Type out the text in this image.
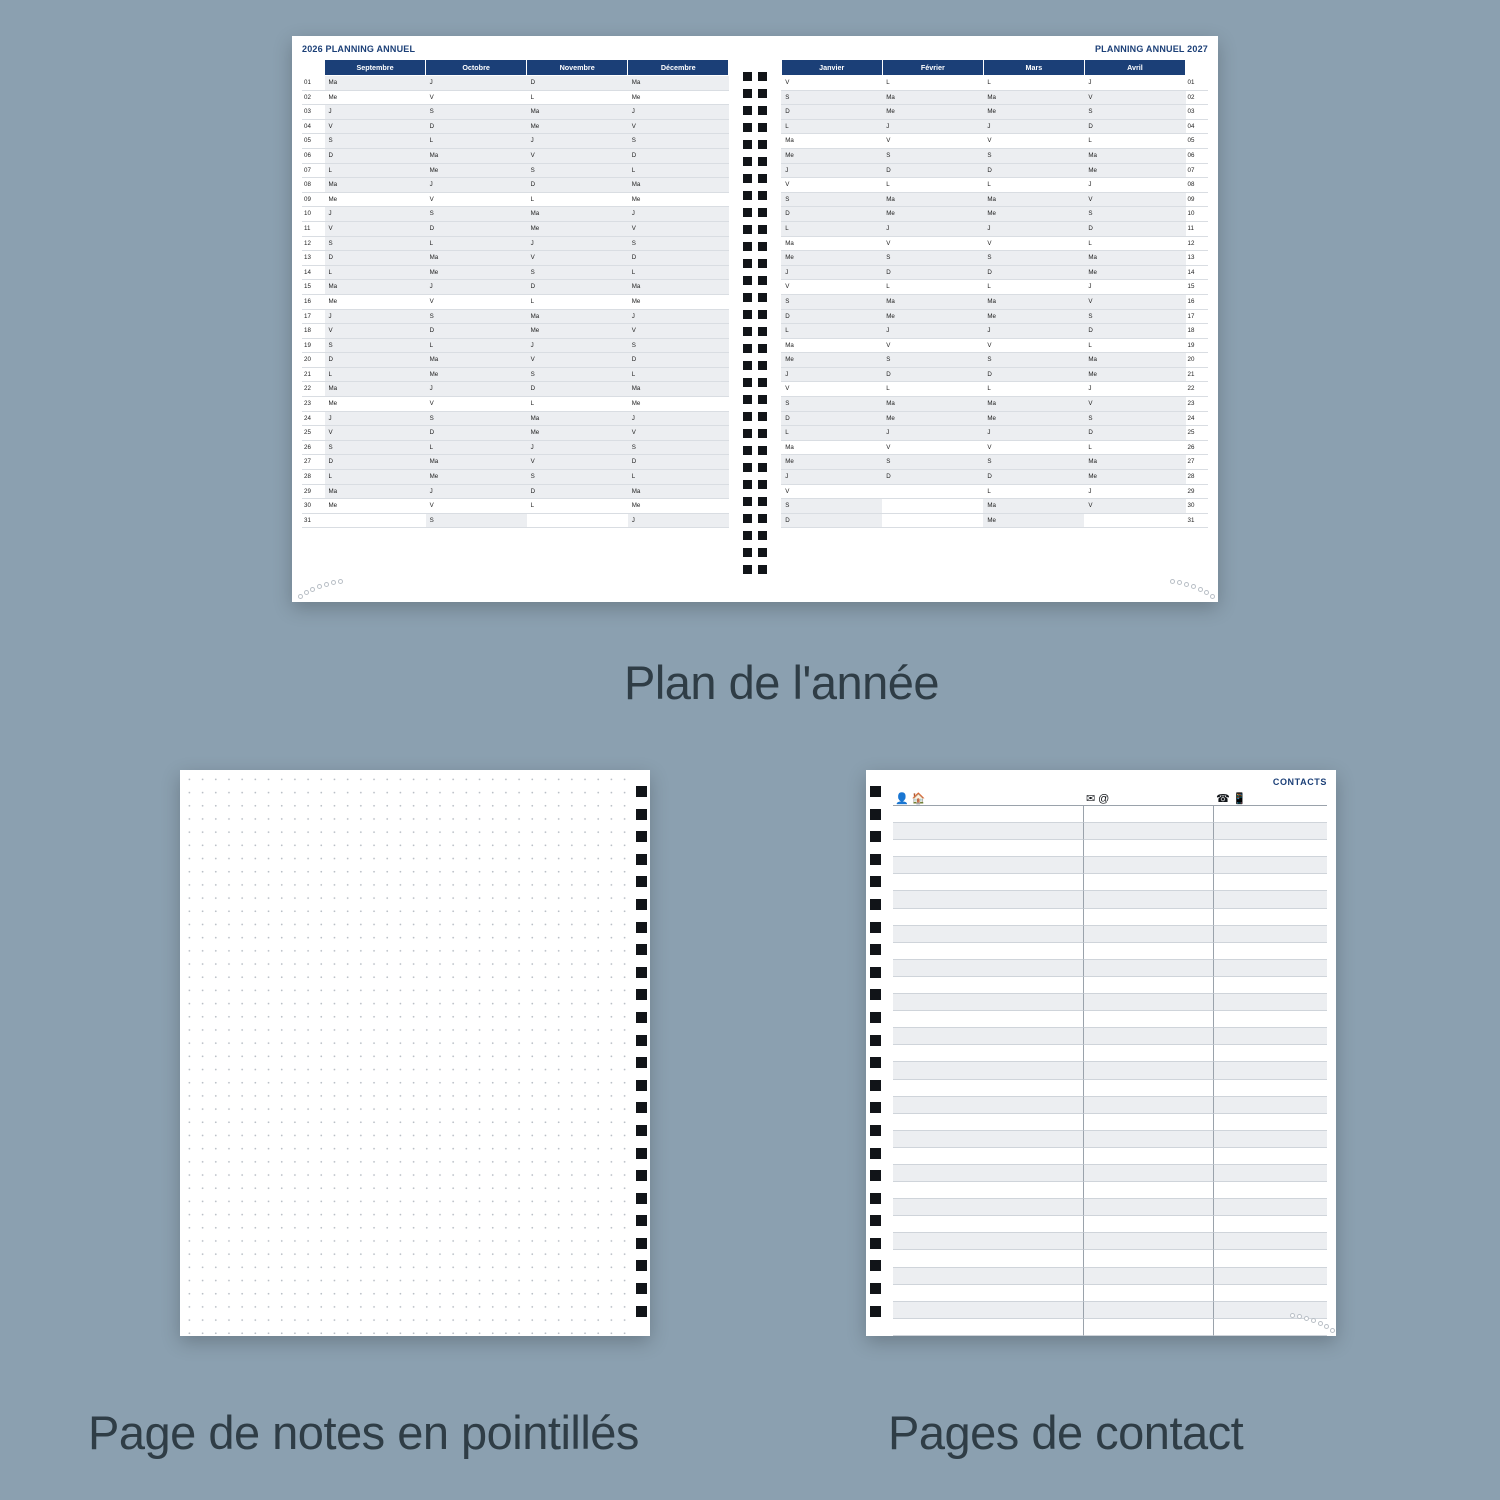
2026 PLANNING ANNUEL
	Septembre	Octobre	Novembre	Décembre
01	Ma	J	D	Ma
02	Me	V	L	Me
03	J	S	Ma	J
04	V	D	Me	V
05	S	L	J	S
06	D	Ma	V	D
07	L	Me	S	L
08	Ma	J	D	Ma
09	Me	V	L	Me
10	J	S	Ma	J
11	V	D	Me	V
12	S	L	J	S
13	D	Ma	V	D
14	L	Me	S	L
15	Ma	J	D	Ma
16	Me	V	L	Me
17	J	S	Ma	J
18	V	D	Me	V
19	S	L	J	S
20	D	Ma	V	D
21	L	Me	S	L
22	Ma	J	D	Ma
23	Me	V	L	Me
24	J	S	Ma	J
25	V	D	Me	V
26	S	L	J	S
27	D	Ma	V	D
28	L	Me	S	L
29	Ma	J	D	Ma
30	Me	V	L	Me
31		S		J
PLANNING ANNUEL 2027
Janvier	Février	Mars	Avril	
V	L	L	J	01
S	Ma	Ma	V	02
D	Me	Me	S	03
L	J	J	D	04
Ma	V	V	L	05
Me	S	S	Ma	06
J	D	D	Me	07
V	L	L	J	08
S	Ma	Ma	V	09
D	Me	Me	S	10
L	J	J	D	11
Ma	V	V	L	12
Me	S	S	Ma	13
J	D	D	Me	14
V	L	L	J	15
S	Ma	Ma	V	16
D	Me	Me	S	17
L	J	J	D	18
Ma	V	V	L	19
Me	S	S	Ma	20
J	D	D	Me	21
V	L	L	J	22
S	Ma	Ma	V	23
D	Me	Me	S	24
L	J	J	D	25
Ma	V	V	L	26
Me	S	S	Ma	27
J	D	D	Me	28
V		L	J	29
S		Ma	V	30
D		Me		31
Plan de l'année
Page de notes en pointillés
CONTACTS
👤 🏠	✉ @	☎ 📱
Pages de contact
